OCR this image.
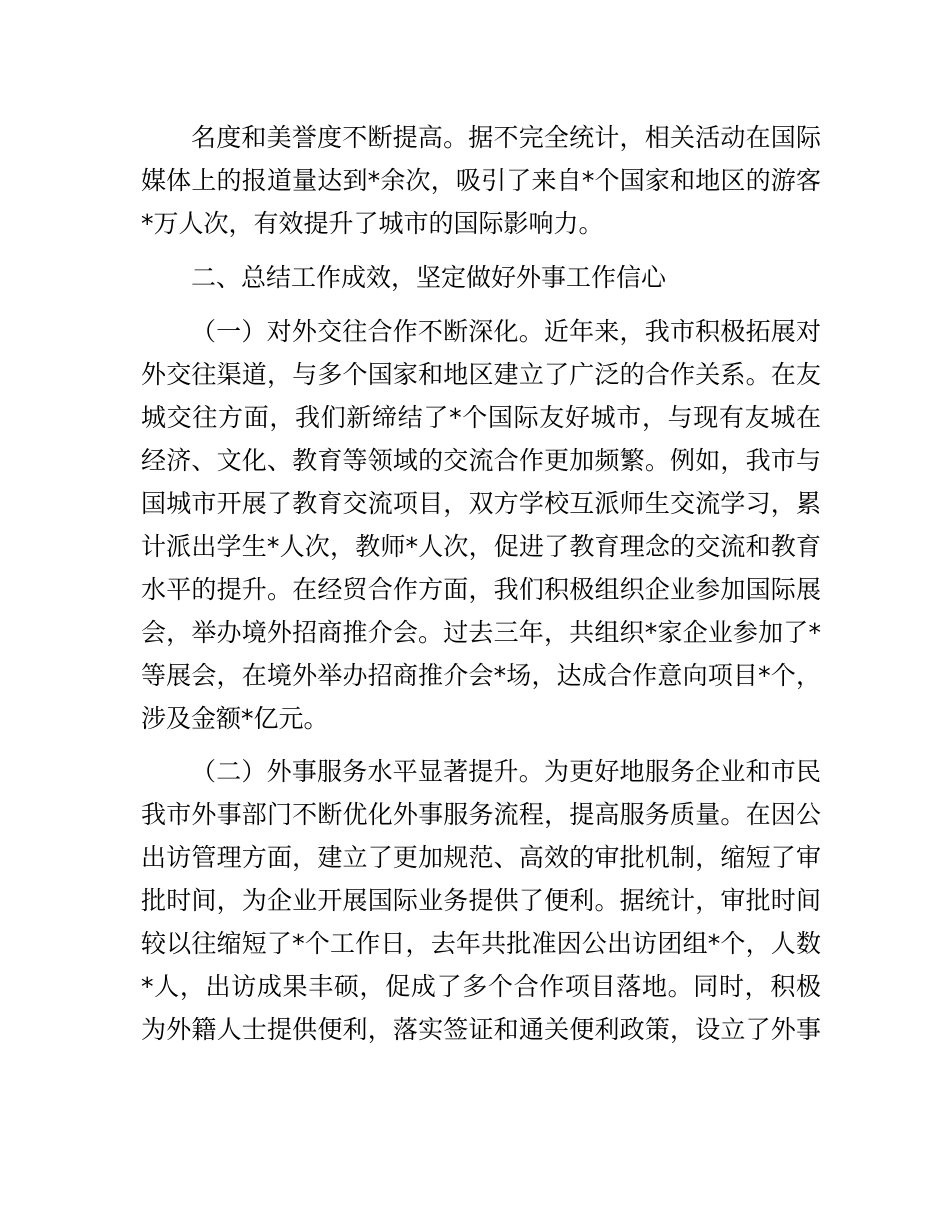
名度和美誉度不断提高。据不完全统计，相关活动在国际
媒体上的报道量达到*余次，吸引了来自*个国家和地区的游客
*万人次，有效提升了城市的国际影响力。
二、总结工作成效，坚定做好外事工作信心
（一）对外交往合作不断深化。近年来，我市积极拓展对
外交往渠道，与多个国家和地区建立了广泛的合作关系。在友
城交往方面，我们新缔结了*个国际友好城市，与现有友城在
经济、文化、教育等领域的交流合作更加频繁。例如，我市与
国城市开展了教育交流项目，双方学校互派师生交流学习，累
计派出学生*人次，教师*人次，促进了教育理念的交流和教育
水平的提升。在经贸合作方面，我们积极组织企业参加国际展
会，举办境外招商推介会。过去三年，共组织*家企业参加了*
等展会，在境外举办招商推介会*场，达成合作意向项目*个，
涉及金额*亿元。
（二）外事服务水平显著提升。为更好地服务企业和市民
我市外事部门不断优化外事服务流程，提高服务质量。在因公
出访管理方面，建立了更加规范、高效的审批机制，缩短了审
批时间，为企业开展国际业务提供了便利。据统计，审批时间
较以往缩短了*个工作日，去年共批准因公出访团组*个，人数
*人，出访成果丰硕，促成了多个合作项目落地。同时，积极
为外籍人士提供便利，落实签证和通关便利政策，设立了外事
